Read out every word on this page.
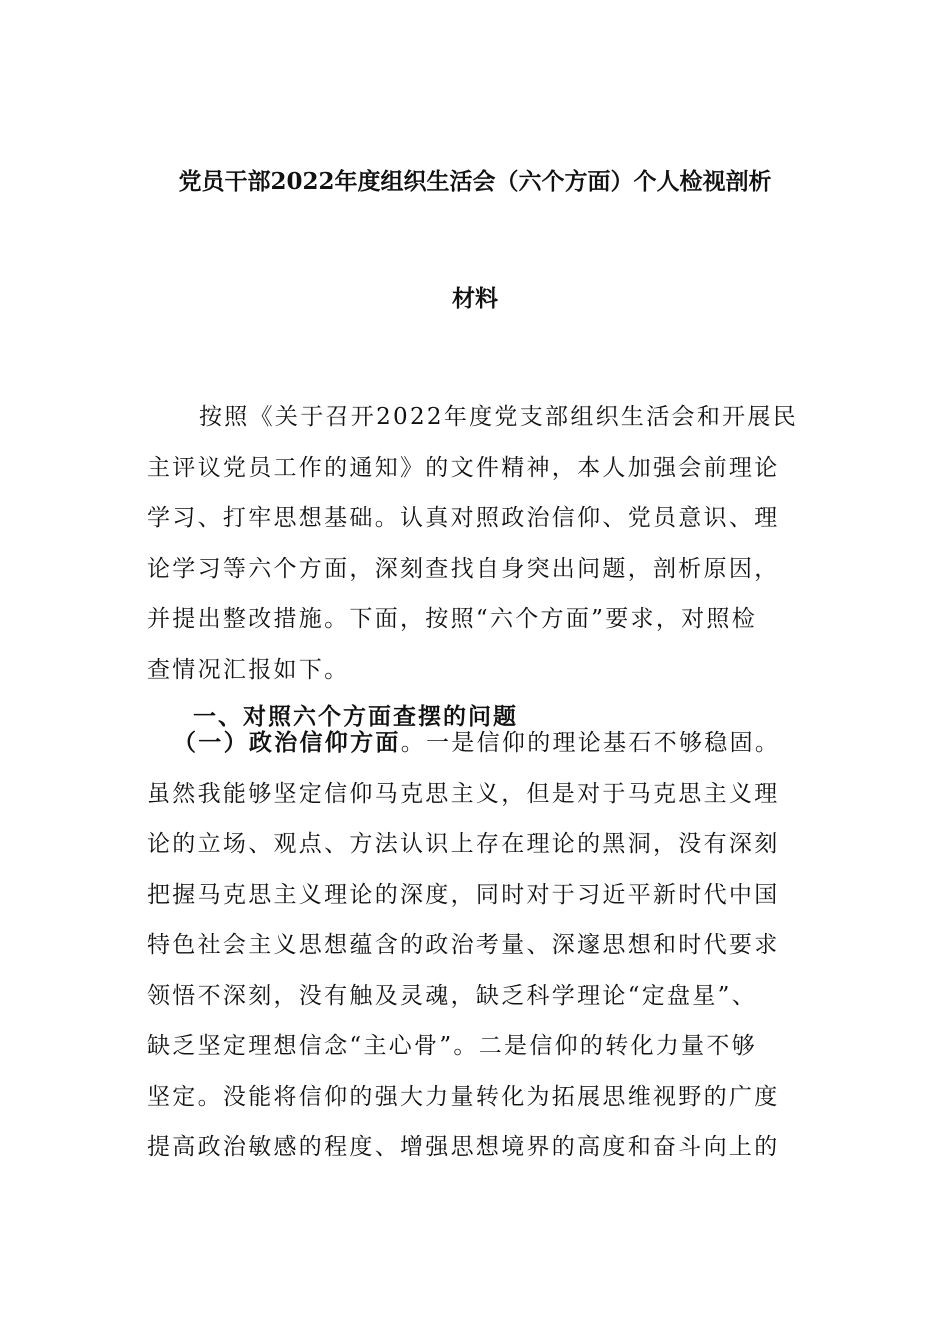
党员干部2022年度组织生活会（六个方面）个人检视剖析
材料
按照《关于召开2022年度党支部组织生活会和开展民
主评议党员工作的通知》的文件精神，本人加强会前理论
学习、打牢思想基础。认真对照政治信仰、党员意识、理
论学习等六个方面，深刻查找自身突出问题，剖析原因，
并提出整改措施。下面，按照“六个方面”要求，对照检
查情况汇报如下。
一、对照六个方面查摆的问题
（一）政治信仰方面。一是信仰的理论基石不够稳固。
虽然我能够坚定信仰马克思主义，但是对于马克思主义理
论的立场、观点、方法认识上存在理论的黑洞，没有深刻
把握马克思主义理论的深度，同时对于习近平新时代中国
特色社会主义思想蕴含的政治考量、深邃思想和时代要求
领悟不深刻，没有触及灵魂，缺乏科学理论“定盘星”、
缺乏坚定理想信念“主心骨”。二是信仰的转化力量不够
坚定。没能将信仰的强大力量转化为拓展思维视野的广度
提高政治敏感的程度、增强思想境界的高度和奋斗向上的
